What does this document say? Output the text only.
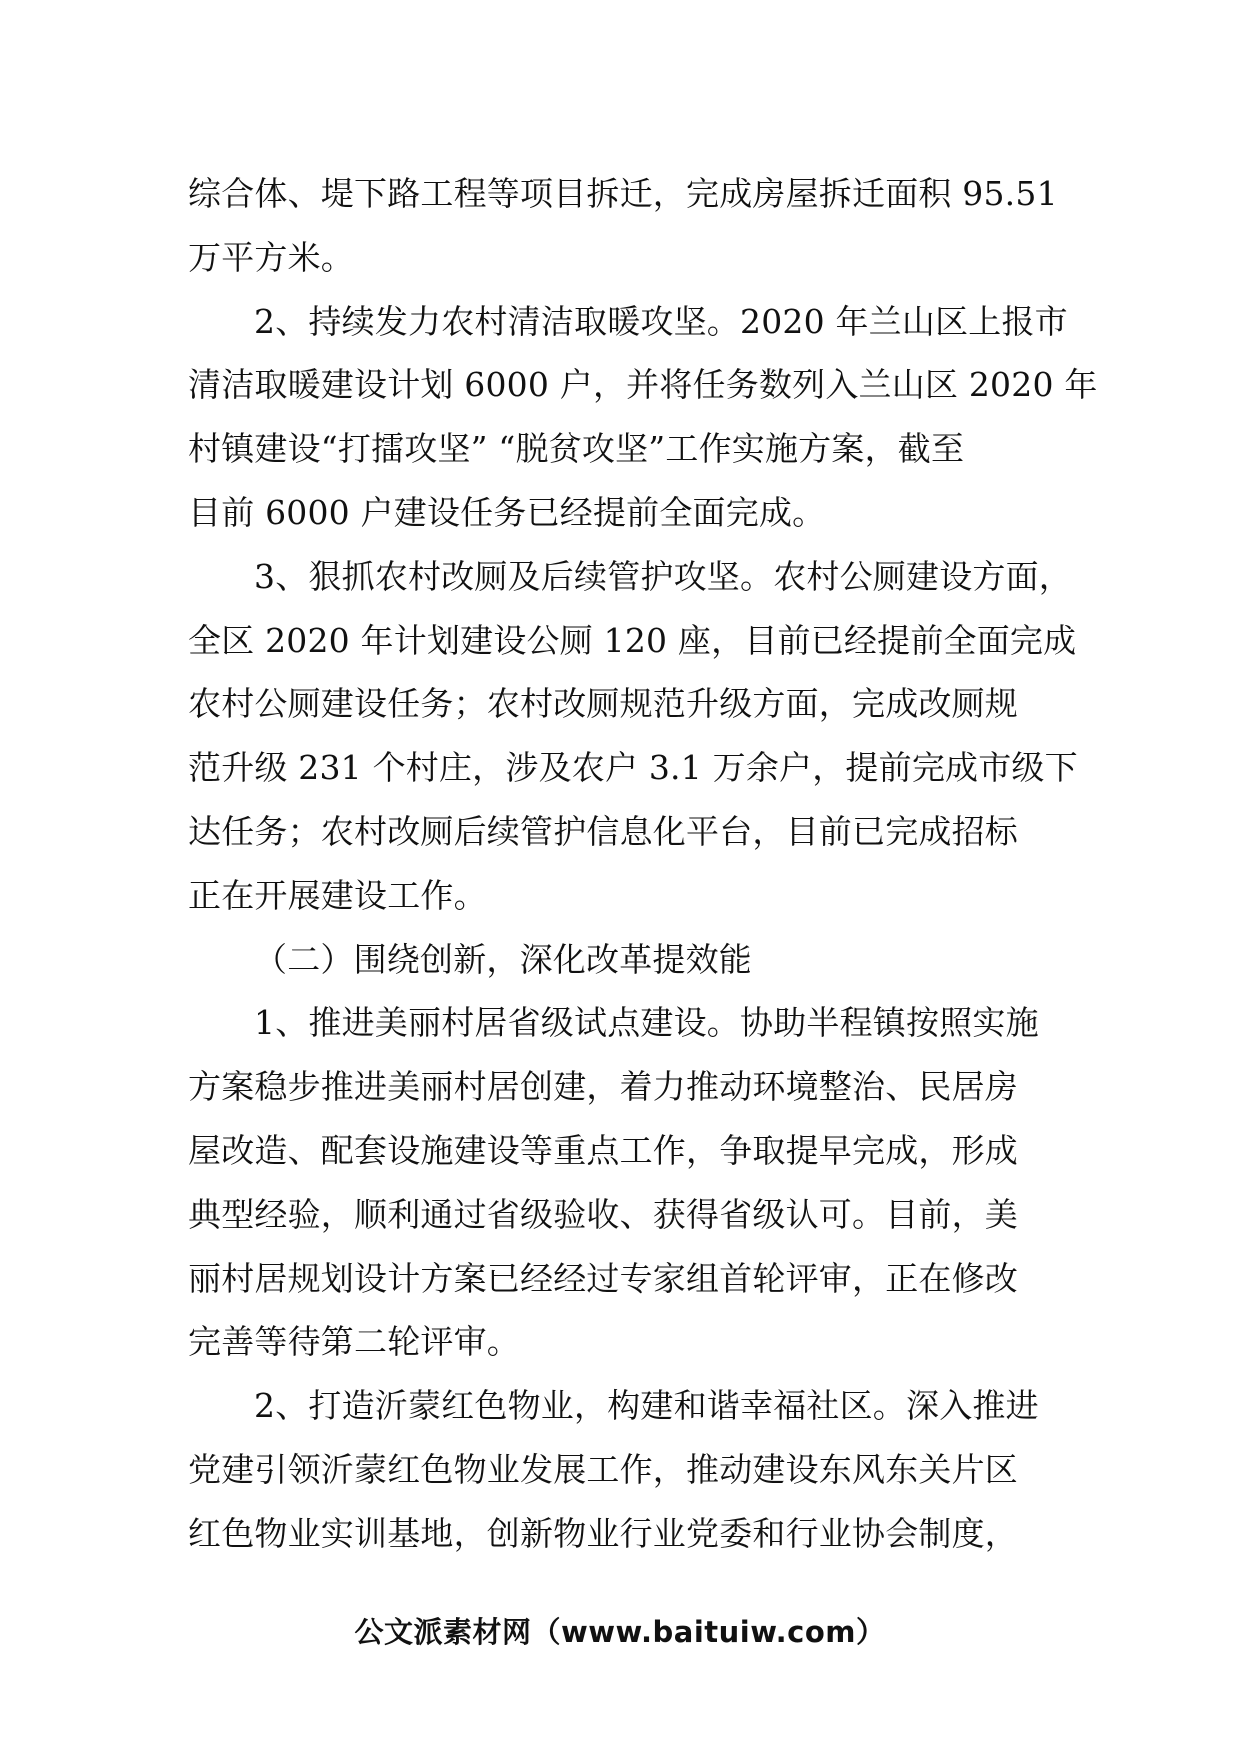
综合体、堤下路工程等项目拆迁，完成房屋拆迁面积 95.51
万平方米。
2、持续发力农村清洁取暖攻坚。2020 年兰山区上报市
清洁取暖建设计划 6000 户，并将任务数列入兰山区 2020 年
村镇建设“打擂攻坚” “脱贫攻坚”工作实施方案，截至
目前 6000 户建设任务已经提前全面完成。
3、狠抓农村改厕及后续管护攻坚。农村公厕建设方面，
全区 2020 年计划建设公厕 120 座，目前已经提前全面完成
农村公厕建设任务；农村改厕规范升级方面，完成改厕规
范升级 231 个村庄，涉及农户 3.1 万余户，提前完成市级下
达任务；农村改厕后续管护信息化平台，目前已完成招标
正在开展建设工作。
（二）围绕创新，深化改革提效能
1、推进美丽村居省级试点建设。协助半程镇按照实施
方案稳步推进美丽村居创建，着力推动环境整治、民居房
屋改造、配套设施建设等重点工作，争取提早完成，形成
典型经验，顺利通过省级验收、获得省级认可。目前，美
丽村居规划设计方案已经经过专家组首轮评审，正在修改
完善等待第二轮评审。
2、打造沂蒙红色物业，构建和谐幸福社区。深入推进
党建引领沂蒙红色物业发展工作，推动建设东风东关片区
红色物业实训基地，创新物业行业党委和行业协会制度，
公文派素材网（www.baituiw.com）
